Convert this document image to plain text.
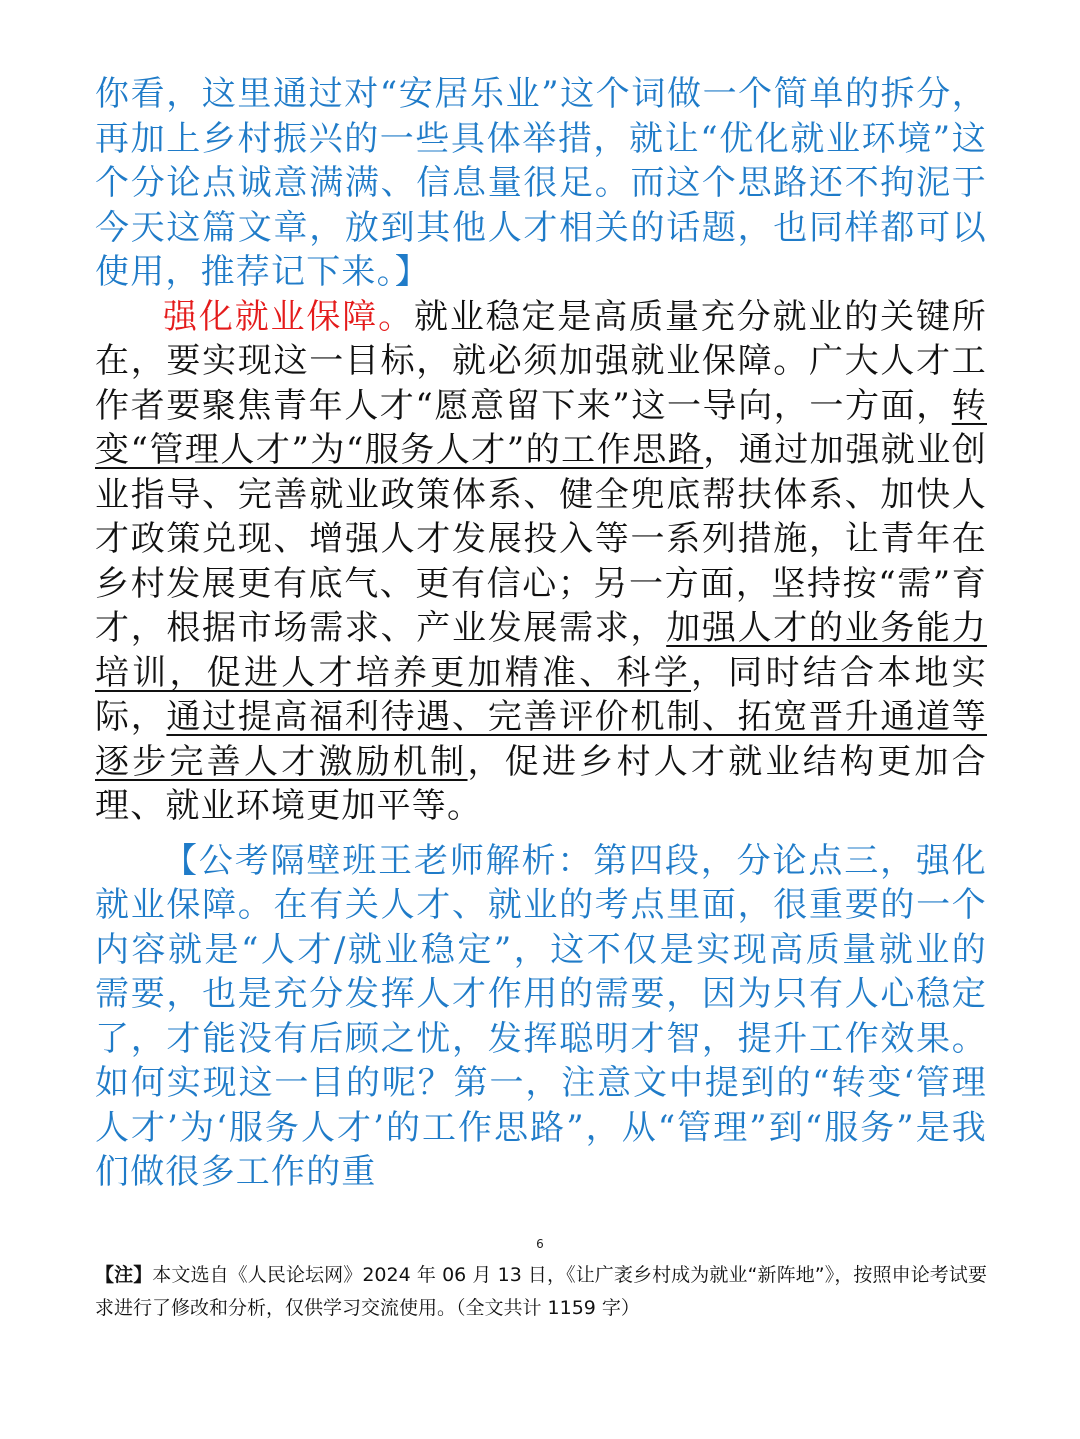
你看，这里通过对“安居乐业”这个词做一个简单的拆分，再加上乡村振兴的一些具体举措，就让“优化就业环境”这个分论点诚意满满、信息量很足。而这个思路还不拘泥于今天这篇文章，放到其他人才相关的话题，也同样都可以使用，推荐记下来。】

强化就业保障。就业稳定是高质量充分就业的关键所在，要实现这一目标，就必须加强就业保障。广大人才工作者要聚焦青年人才“愿意留下来”这一导向，一方面，转变“管理人才”为“服务人才”的工作思路，通过加强就业创业指导、完善就业政策体系、健全兜底帮扶体系、加快人才政策兑现、增强人才发展投入等一系列措施，让青年在乡村发展更有底气、更有信心；另一方面，坚持按“需”育才，根据市场需求、产业发展需求，加强人才的业务能力培训，促进人才培养更加精准、科学，同时结合本地实际，通过提高福利待遇、完善评价机制、拓宽晋升通道等逐步完善人才激励机制，促进乡村人才就业结构更加合理、就业环境更加平等。

【公考隔壁班王老师解析：第四段，分论点三，强化就业保障。在有关人才、就业的考点里面，很重要的一个内容就是“人才/就业稳定”，这不仅是实现高质量就业的需要，也是充分发挥人才作用的需要，因为只有人心稳定了，才能没有后顾之忧，发挥聪明才智，提升工作效果。如何实现这一目的呢？第一，注意文中提到的“转变‘管理人才’为‘服务人才’的工作思路”，从“管理”到“服务”是我们做很多工作的重

6
【注】本文选自《人民论坛网》2024 年 06 月 13 日，《让广袤乡村成为就业“新阵地”》，按照申论考试要求进行了修改和分析，仅供学习交流使用。（全文共计 1159 字）
